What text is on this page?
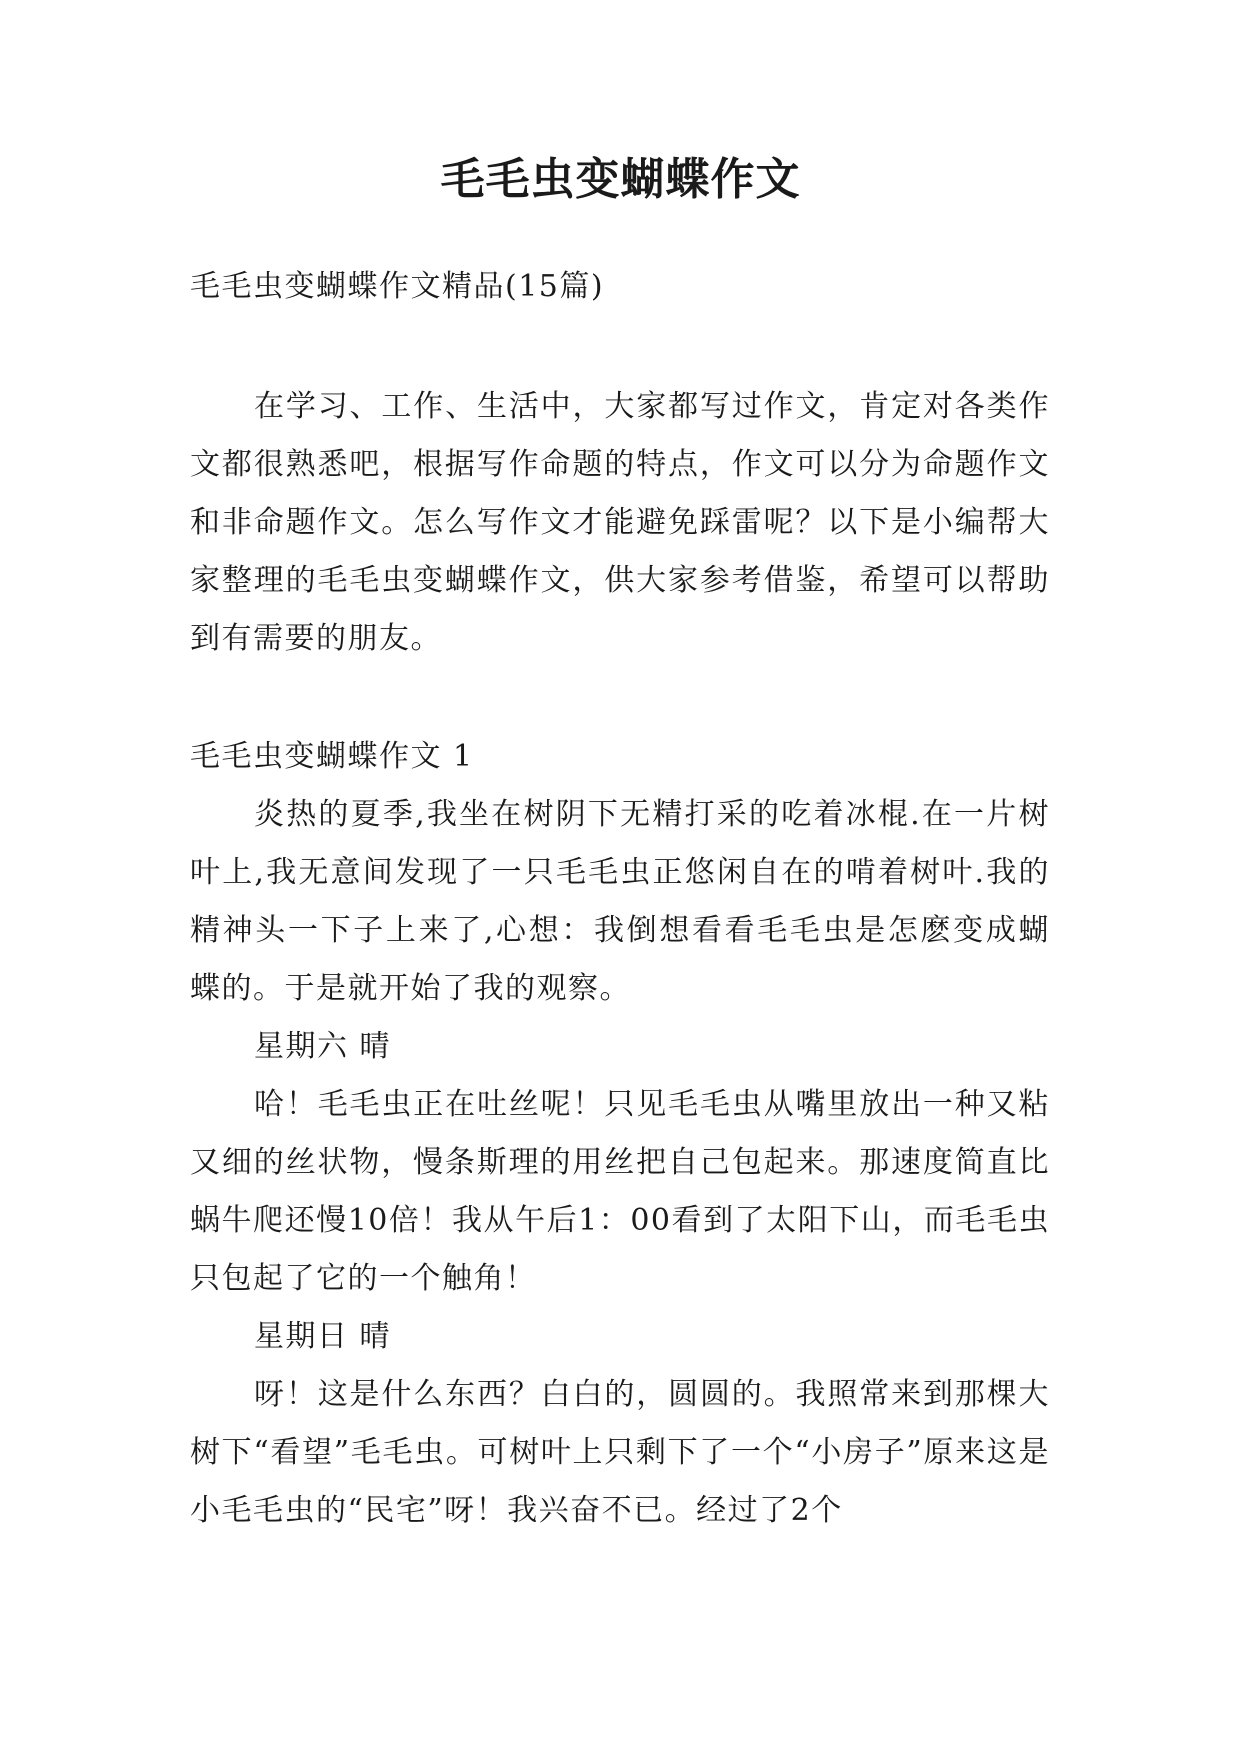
毛毛虫变蝴蝶作文

毛毛虫变蝴蝶作文精品(15篇)

在学习、工作、生活中，大家都写过作文，肯定对各类作文都很熟悉吧，根据写作命题的特点，作文可以分为命题作文和非命题作文。怎么写作文才能避免踩雷呢？以下是小编帮大家整理的毛毛虫变蝴蝶作文，供大家参考借鉴，希望可以帮助到有需要的朋友。

毛毛虫变蝴蝶作文 1

炎热的夏季,我坐在树阴下无精打采的吃着冰棍.在一片树叶上,我无意间发现了一只毛毛虫正悠闲自在的啃着树叶.我的精神头一下子上来了,心想：我倒想看看毛毛虫是怎麽变成蝴蝶的。于是就开始了我的观察。

星期六 晴

哈！毛毛虫正在吐丝呢！只见毛毛虫从嘴里放出一种又粘又细的丝状物，慢条斯理的用丝把自己包起来。那速度简直比蜗牛爬还慢10倍！我从午后1：00看到了太阳下山，而毛毛虫只包起了它的一个触角！

星期日 晴

呀！这是什么东西？白白的，圆圆的。我照常来到那棵大树下“看望”毛毛虫。可树叶上只剩下了一个“小房子”原来这是小毛毛虫的“民宅”呀！我兴奋不已。经过了2个
